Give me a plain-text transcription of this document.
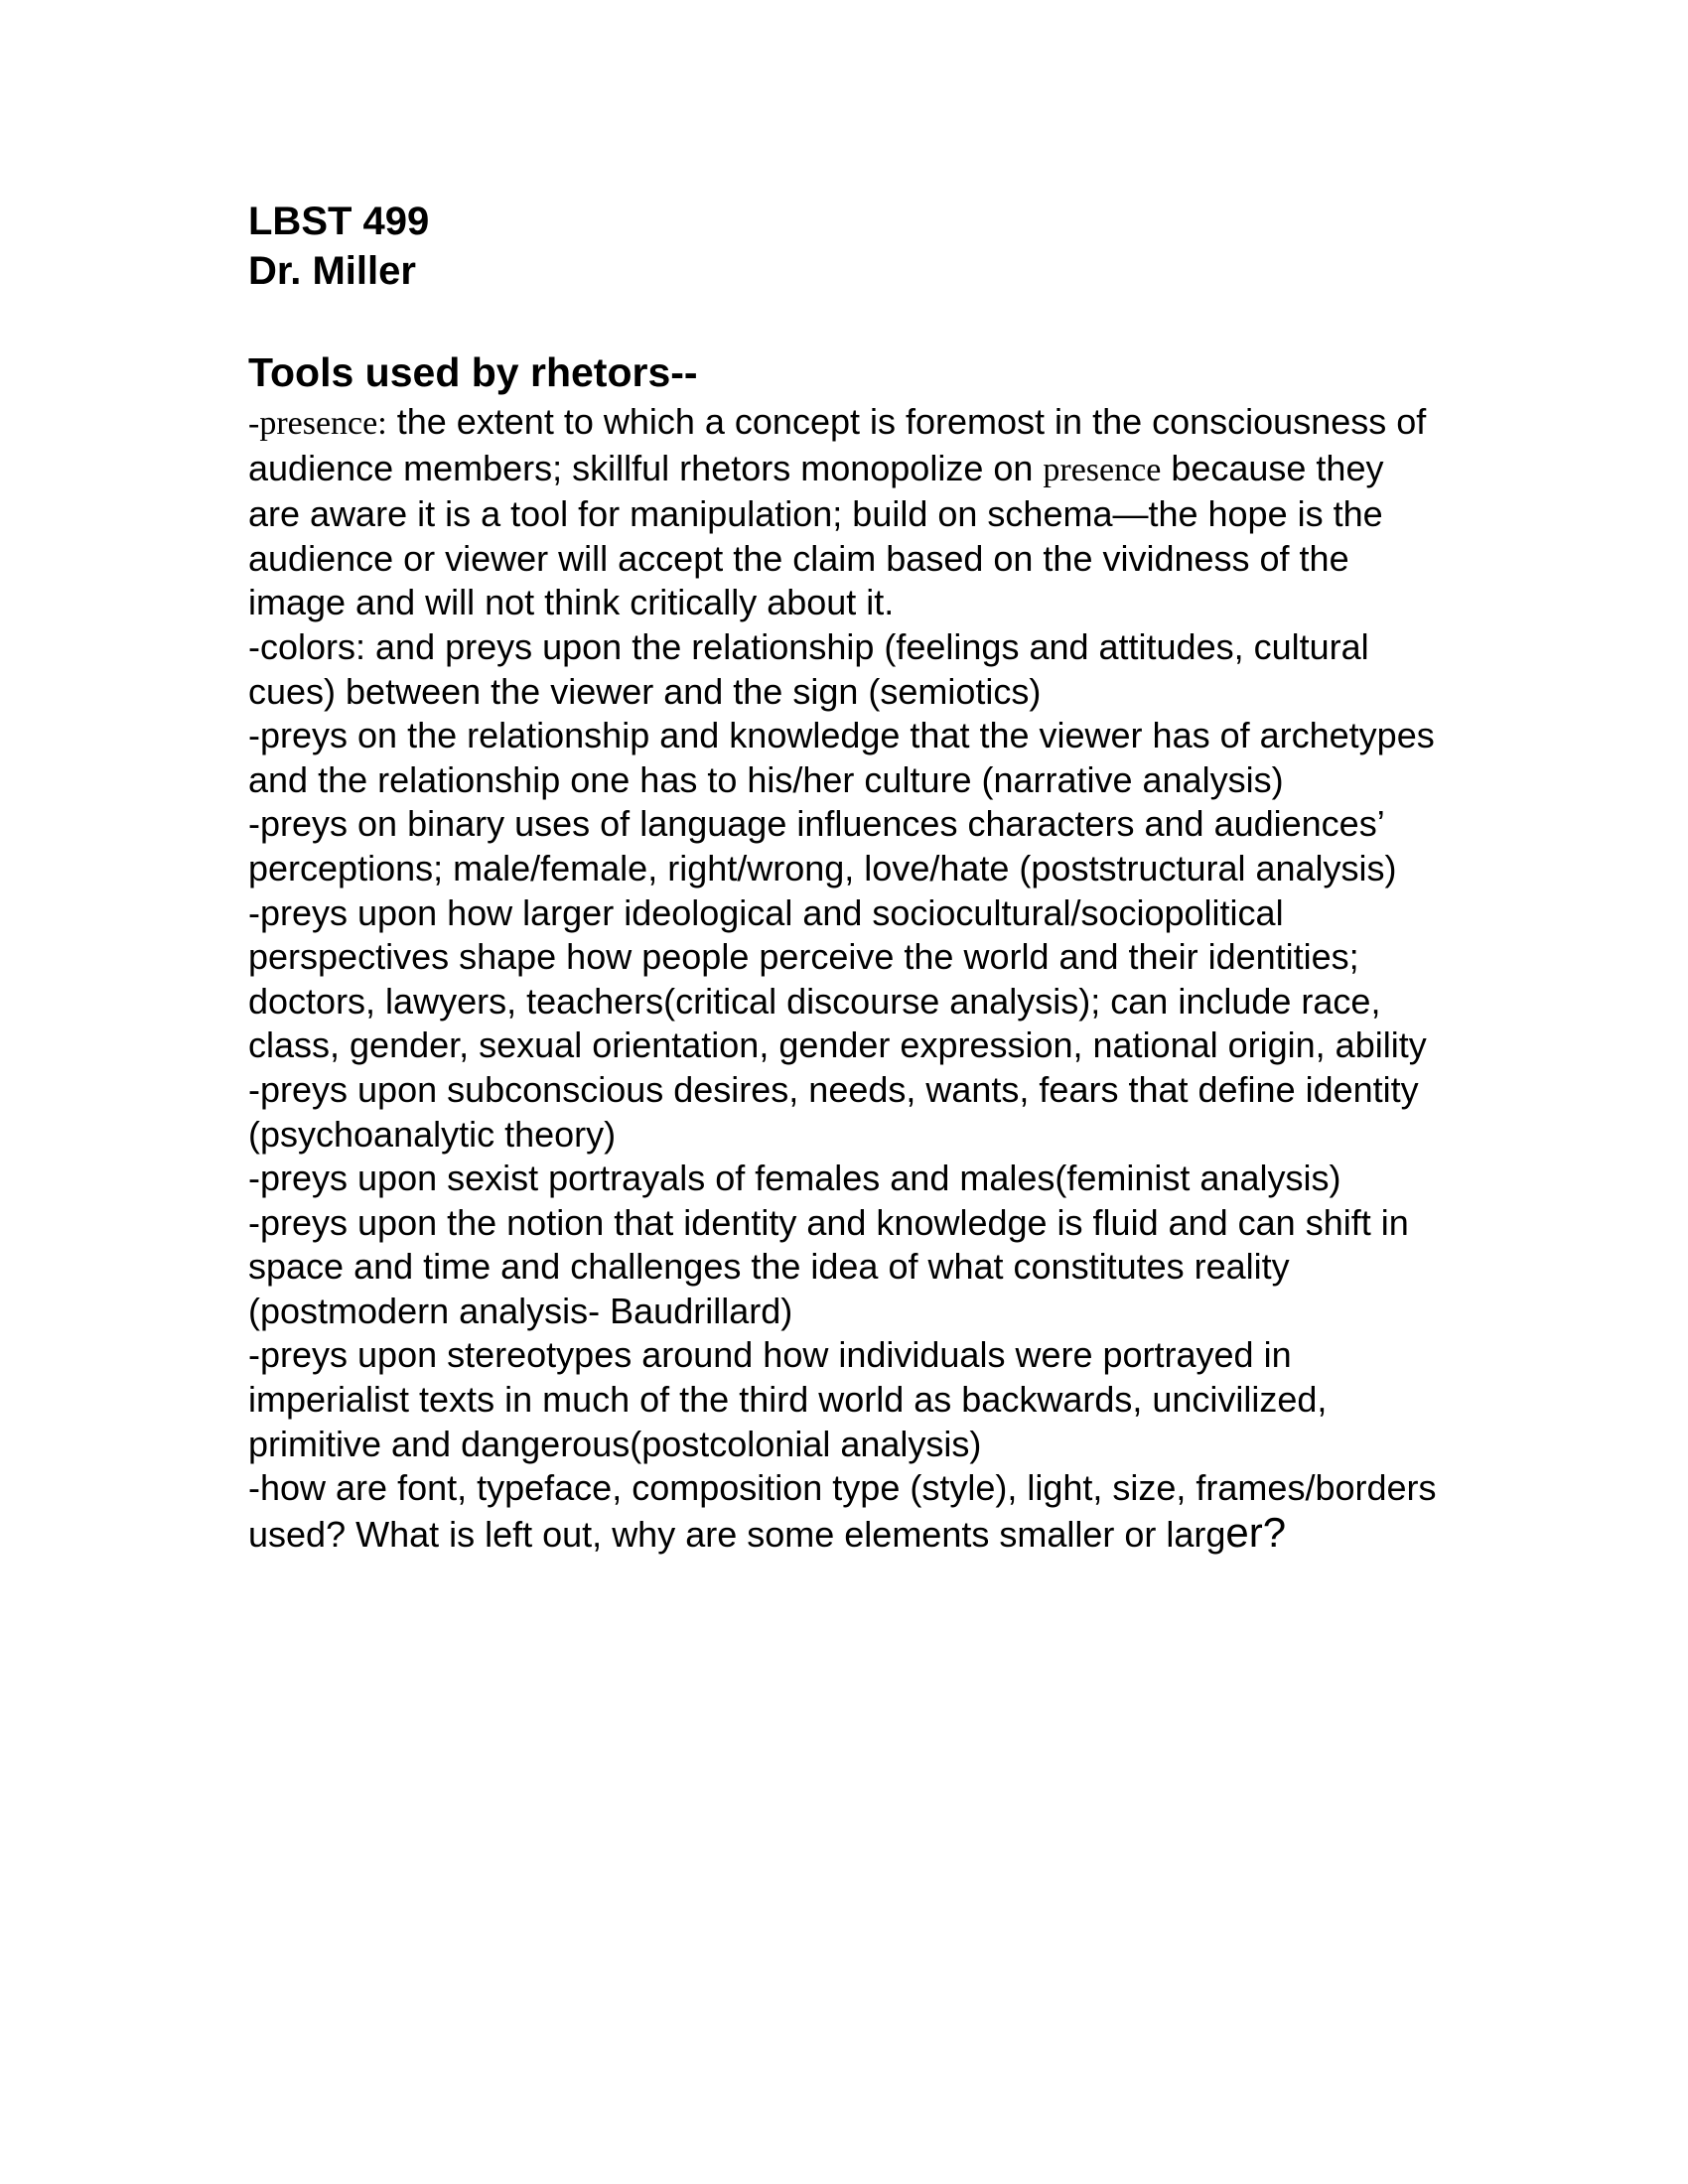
LBST 499

Dr. Miller

Tools used by rhetors--

-presence: the extent to which a concept is foremost in the consciousness of audience members; skillful rhetors monopolize on presence because they are aware it is a tool for manipulation; build on schema—the hope is the audience or viewer will accept the claim based on the vividness of the image and will not think critically about it.

-colors: and preys upon the relationship (feelings and attitudes, cultural cues) between the viewer and the sign (semiotics)

-preys on the relationship and knowledge that the viewer has of archetypes and the relationship one has to his/her culture (narrative analysis)

-preys on binary uses of language influences characters and audiences’ perceptions; male/female, right/wrong, love/hate (poststructural analysis)

-preys upon how larger ideological and sociocultural/sociopolitical perspectives shape how people perceive the world and their identities; doctors, lawyers, teachers(critical discourse analysis); can include race, class, gender, sexual orientation, gender expression, national origin, ability

-preys upon subconscious desires, needs, wants, fears that define identity (psychoanalytic theory)

-preys upon sexist portrayals of females and males(feminist analysis)

-preys upon the notion that identity and knowledge is fluid and can shift in space and time and challenges the idea of what constitutes reality (postmodern analysis- Baudrillard)

-preys upon stereotypes around how individuals were portrayed in imperialist texts in much of the third world as backwards, uncivilized, primitive and dangerous(postcolonial analysis)

-how are font, typeface, composition type (style), light, size, frames/borders used? What is left out, why are some elements smaller or larger?
